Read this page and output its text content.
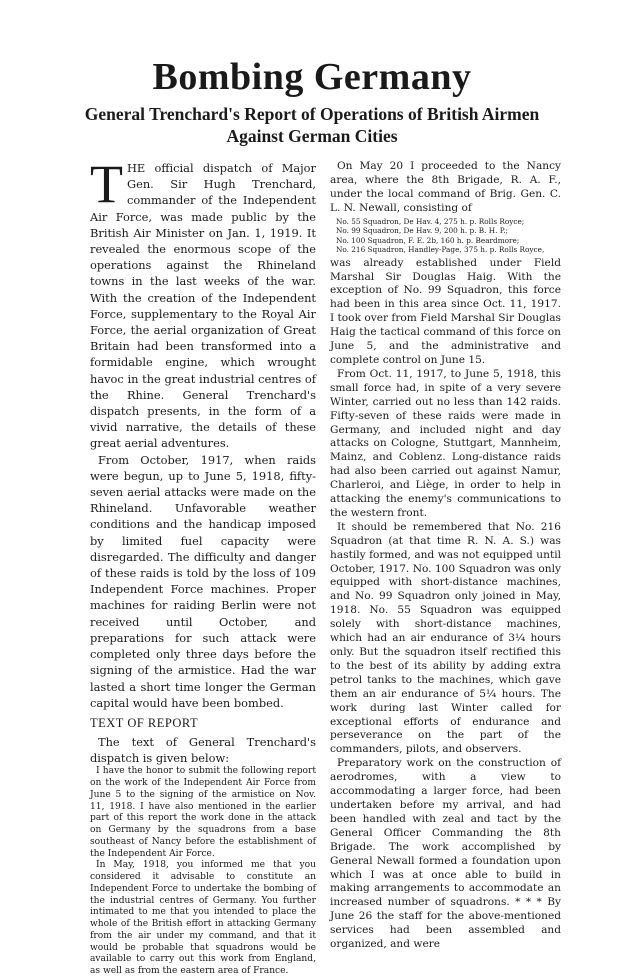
Bombing Germany
General Trenchard's Report of Operations of British Airmen Against German Cities

THE official dispatch of Major Gen. Sir Hugh Trenchard, commander of the Independent Air Force, was made public by the British Air Minister on Jan. 1, 1919. It revealed the enormous scope of the operations against the Rhineland towns in the last weeks of the war. With the creation of the Independent Force, supplementary to the Royal Air Force, the aerial organization of Great Britain had been transformed into a formidable engine, which wrought havoc in the great industrial centres of the Rhine. General Trenchard's dispatch presents, in the form of a vivid narrative, the details of these great aerial adventures.

From October, 1917, when raids were begun, up to June 5, 1918, fifty-seven aerial attacks were made on the Rhineland. Unfavorable weather conditions and the handicap imposed by limited fuel capacity were disregarded. The difficulty and danger of these raids is told by the loss of 109 Independent Force machines. Proper machines for raiding Berlin were not received until October, and preparations for such attack were completed only three days before the signing of the armistice. Had the war lasted a short time longer the German capital would have been bombed.

TEXT OF REPORT

The text of General Trenchard's dispatch is given below:

I have the honor to submit the following report on the work of the Independent Air Force from June 5 to the signing of the armistice on Nov. 11, 1918. I have also mentioned in the earlier part of this report the work done in the attack on Germany by the squadrons from a base southeast of Nancy before the establishment of the Independent Air Force.

In May, 1918, you informed me that you considered it advisable to constitute an Independent Force to undertake the bombing of the industrial centres of Germany. You further intimated to me that you intended to place the whole of the British effort in attacking Germany from the air under my command, and that it would be probable that squadrons would be available to carry out this work from England, as well as from the eastern area of France.

On May 20 I proceeded to the Nancy area, where the 8th Brigade, R. A. F., under the local command of Brig. Gen. C. L. N. Newall, consisting of

No. 55 Squadron, De Hav. 4, 275 h. p. Rolls Royce;
No. 99 Squadron, De Hav. 9, 200 h. p. B. H. P.;
No. 100 Squadron, F. E. 2b, 160 h. p. Beardmore;
No. 216 Squadron, Handley-Page, 375 h. p. Rolls Royce,

was already established under Field Marshal Sir Douglas Haig. With the exception of No. 99 Squadron, this force had been in this area since Oct. 11, 1917. I took over from Field Marshal Sir Douglas Haig the tactical command of this force on June 5, and the administrative and complete control on June 15.

From Oct. 11, 1917, to June 5, 1918, this small force had, in spite of a very severe Winter, carried out no less than 142 raids. Fifty-seven of these raids were made in Germany, and included night and day attacks on Cologne, Stuttgart, Mannheim, Mainz, and Coblenz. Long-distance raids had also been carried out against Namur, Charleroi, and Liège, in order to help in attacking the enemy's communications to the western front.

It should be remembered that No. 216 Squadron (at that time R. N. A. S.) was hastily formed, and was not equipped until October, 1917. No. 100 Squadron was only equipped with short-distance machines, and No. 99 Squadron only joined in May, 1918. No. 55 Squadron was equipped solely with short-distance machines, which had an air endurance of 3¼ hours only. But the squadron itself rectified this to the best of its ability by adding extra petrol tanks to the machines, which gave them an air endurance of 5¼ hours. The work during last Winter called for exceptional efforts of endurance and perseverance on the part of the commanders, pilots, and observers.

Preparatory work on the construction of aerodromes, with a view to accommodating a larger force, had been undertaken before my arrival, and had been handled with zeal and tact by the General Officer Commanding the 8th Brigade. The work accomplished by General Newall formed a foundation upon which I was at once able to build in making arrangements to accommodate an increased number of squadrons. * * * By June 26 the staff for the above-mentioned services had been assembled and organized, and were
